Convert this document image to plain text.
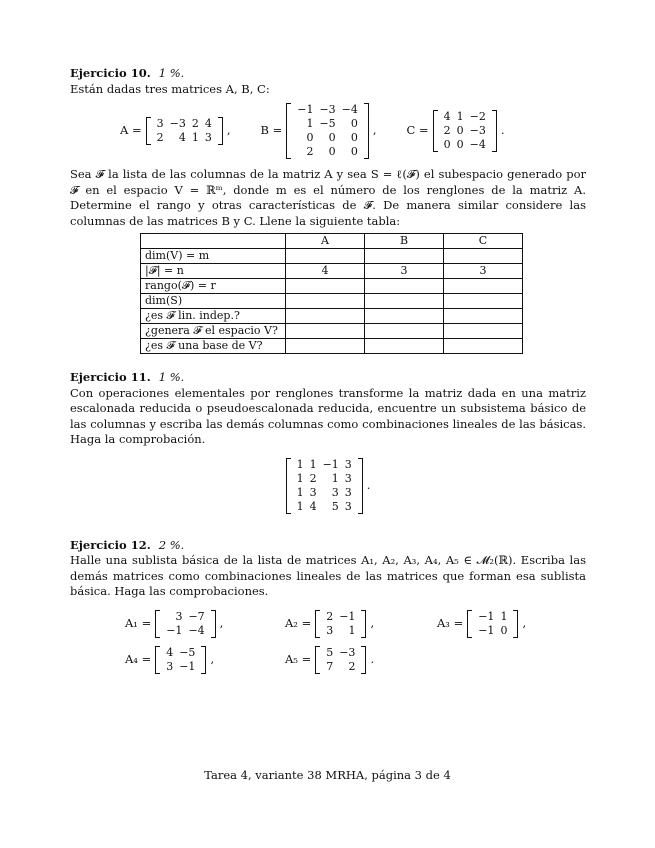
Ejercicio 10. 1 %.

Están dadas tres matrices A, B, C:

A = 3	−3	2	4
2	4	1	3
,	B =
−1	−3	−4
1	−5	0
0	0	0
2	0	0
,	C =
4	1	−2
2	0	−3
0	0	−4
.

Sea 𝓕 la lista de las columnas de la matriz A y sea S = ℓ(𝓕) el subespacio generado por 𝓕 en el espacio V = ℝᵐ, donde m es el número de los renglones de la matriz A. Determine el rango y otras características de 𝓕. De manera similar considere las columnas de las matrices B y C. Llene la siguiente tabla:

	A	B	C
dim(V) = m			
|𝓕| = n	4	3	3
rango(𝓕) = r			
dim(S)			
¿es 𝓕 lin. indep.?			
¿genera 𝓕 el espacio V?			
¿es 𝓕 una base de V?			
Ejercicio 11. 1 %.

Con operaciones elementales por renglones transforme la matriz dada en una matriz escalonada reducida o pseudoescalonada reducida, encuentre un subsistema básico de las columnas y escriba las demás columnas como combinaciones lineales de las básicas. Haga la comprobación.

1	1	−1	3
1	2	1	3
1	3	3	3
1	4	5	3
.
Ejercicio 12. 2 %.

Halle una sublista básica de la lista de matrices A₁, A₂, A₃, A₄, A₅ ∈ 𝓜₂(ℝ). Escriba las demás matrices como combinaciones lineales de las matrices que forman esa sublista básica. Haga las comprobaciones.

A₁ = 3	−7
−1	−4
,	A₂ = 2	−1
3	1
,	A₃ = −1	1
−1	0
,
A₄ = 4	−5
3	−1
,	A₅ = 5	−3
7	2
.
Tarea 4, variante 38 MRHA, página 3 de 4
